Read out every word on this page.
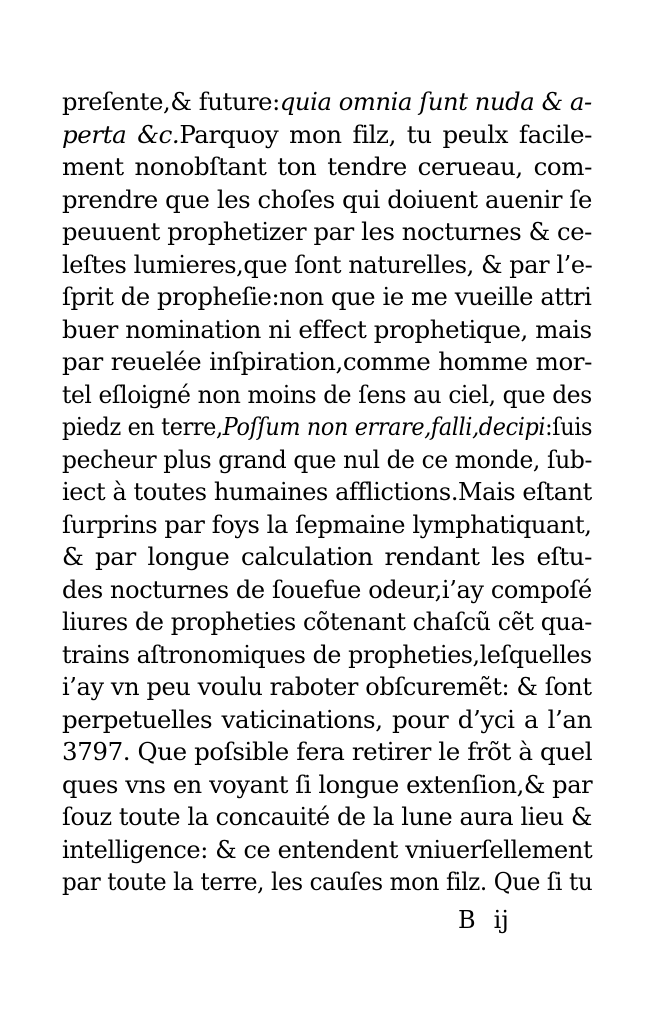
preſente,& future:quia omnia ſunt nuda & a-
perta &c.Parquoy mon filz, tu peulx facile-
ment nonobſtant ton tendre cerueau, com-
prendre que les choſes qui doiuent auenir ſe
peuuent prophetizer par les nocturnes & ce-
leſtes lumieres,que ſont naturelles, & par l’e-
ſprit de propheſie:non que ie me vueille attri
buer nomination ni effect prophetique, mais
par reuelée inſpiration,comme homme mor-
tel eſloigné non moins de ſens au ciel, que des
piedz en terre,Poſſum non errare,falli,decipi:ſuis
pecheur plus grand que nul de ce monde, ſub-
iect à toutes humaines afflictions.Mais eſtant
ſurprins par foys la ſepmaine lymphatiquant,
& par longue calculation rendant les eſtu-
des nocturnes de ſouefue odeur,i’ay compoſé
liures de propheties cõtenant chaſcũ cẽt qua-
trains aſtronomiques de propheties,leſquelles
i’ay vn peu voulu raboter obſcuremẽt: & ſont
perpetuelles vaticinations, pour d’yci a l’an
3797. Que poſsible fera retirer le frõt à quel
ques vns en voyant ſi longue extenſion,& par
ſouz toute la concauité de la lune aura lieu &
intelligence: & ce entendent vniuerſellement
par toute la terre, les cauſes mon filz. Que ſi tu
B ij
